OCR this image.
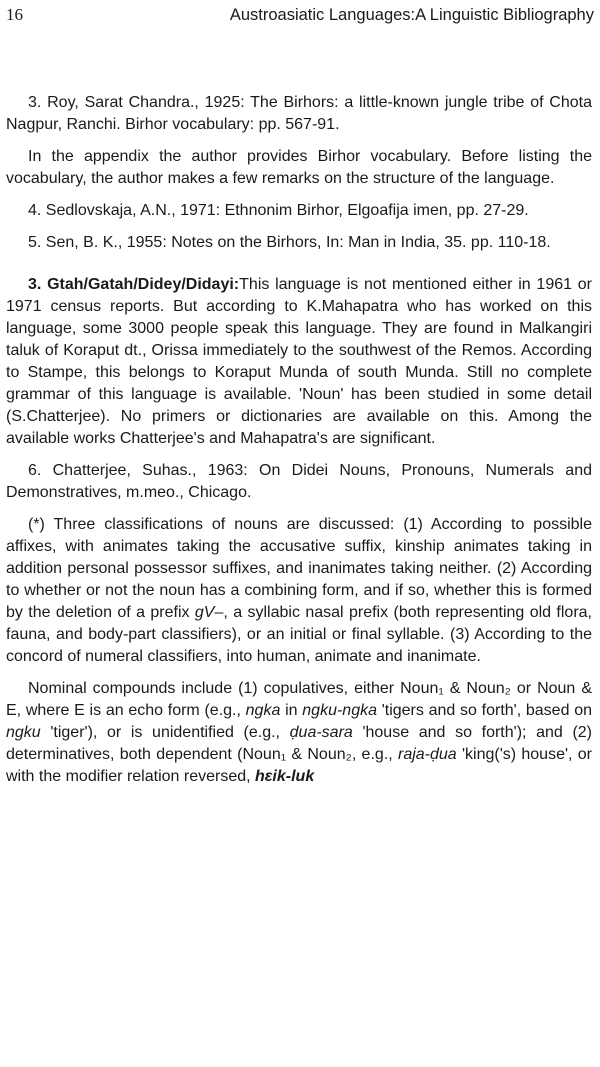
16	Austroasiatic Languages:A Linguistic Bibliography

3. Roy, Sarat Chandra., 1925: The Birhors: a little-known jungle tribe of Chota Nagpur, Ranchi. Birhor vocabulary: pp. 567-91.

In the appendix the author provides Birhor vocabulary. Before listing the vocabulary, the author makes a few remarks on the structure of the language.

4. Sedlovskaja, A.N., 1971: Ethnonim Birhor, Elgoafija imen, pp. 27-29.

5. Sen, B. K., 1955: Notes on the Birhors, In: Man in India, 35. pp. 110-18.

3. Gtah/Gatah/Didey/Didayi:This language is not mentioned either in 1961 or 1971 census reports. But according to K.Mahapatra who has worked on this language, some 3000 people speak this language. They are found in Malkangiri taluk of Koraput dt., Orissa immediately to the southwest of the Remos. According to Stampe, this belongs to Koraput Munda of south Munda. Still no complete grammar of this language is available. 'Noun' has been studied in some detail (S.Chatterjee). No primers or dictionaries are available on this. Among the available works Chatterjee's and Mahapatra's are significant.

6. Chatterjee, Suhas., 1963: On Didei Nouns, Pronouns, Numerals and Demonstratives, m.meo., Chicago.

(*) Three classifications of nouns are discussed: (1) According to possible affixes, with animates taking the accusative suffix, kinship animates taking in addition personal possessor suffixes, and inanimates taking neither. (2) According to whether or not the noun has a combining form, and if so, whether this is formed by the deletion of a prefix gV–, a syllabic nasal prefix (both representing old flora, fauna, and body-part classifiers), or an initial or final syllable. (3) According to the concord of numeral classifiers, into human, animate and inanimate.

Nominal compounds include (1) copulatives, either Noun₁ & Noun₂ or Noun & E, where E is an echo form (e.g., ngka in ngku-ngka 'tigers and so forth', based on ngku 'tiger'), or is unidentified (e.g., ḍua-sara 'house and so forth'); and (2) determinatives, both dependent (Noun₁ & Noun₂, e.g., raja-ḍua 'king('s) house', or with the modifier relation reversed, hεik-luk
